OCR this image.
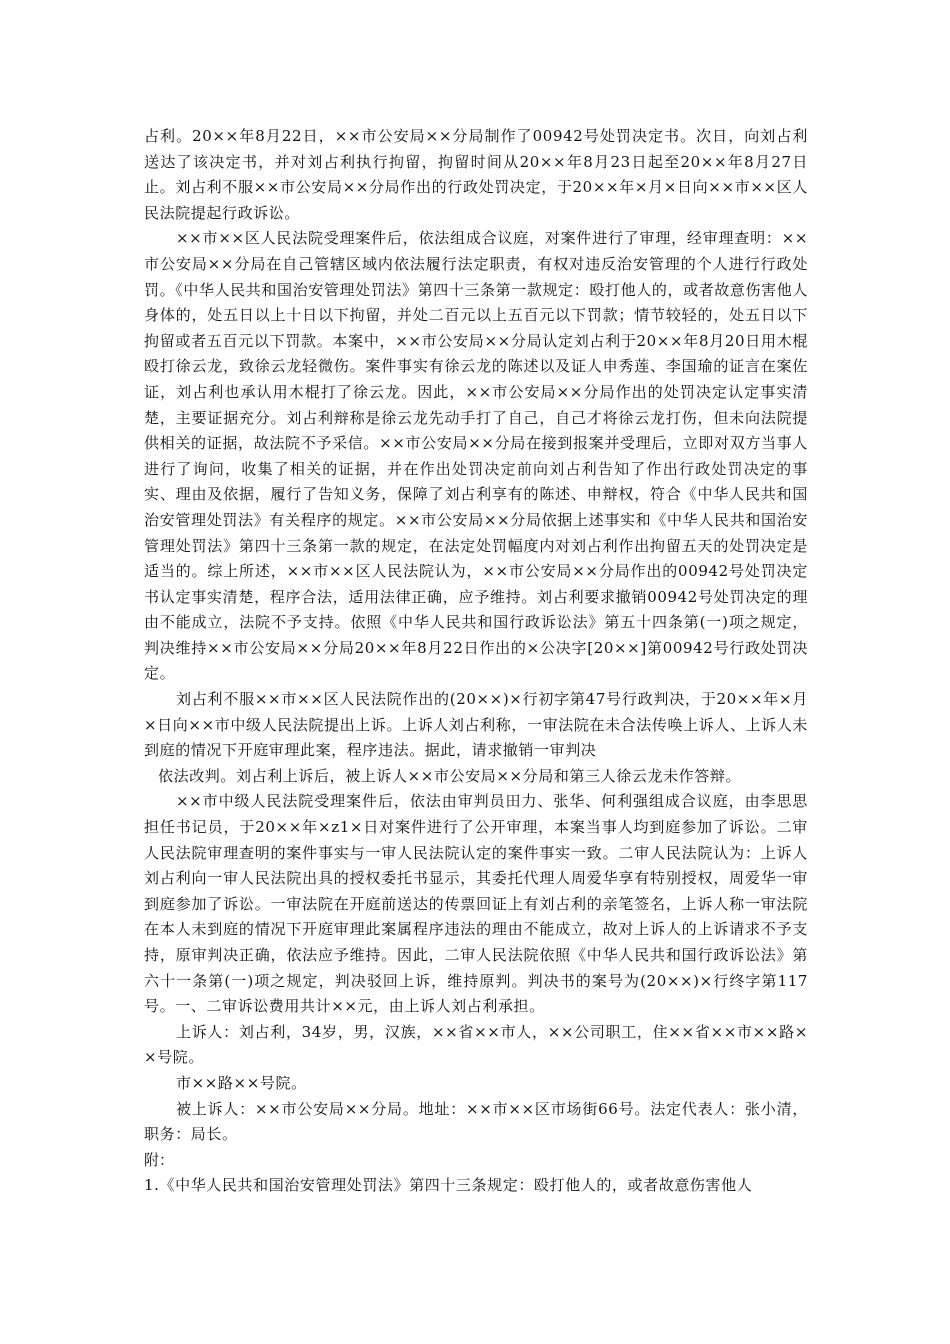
占利。20××年8月22日，××市公安局××分局制作了00942号处罚决定书。次日，向刘占利送达了该决定书，并对刘占利执行拘留，拘留时间从20××年8月23日起至20××年8月27日止。刘占利不服××市公安局××分局作出的行政处罚决定，于20××年×月×日向××市××区人民法院提起行政诉讼。

××市××区人民法院受理案件后，依法组成合议庭，对案件进行了审理，经审理查明：××市公安局××分局在自己管辖区域内依法履行法定职责，有权对违反治安管理的个人进行行政处罚。《中华人民共和国治安管理处罚法》第四十三条第一款规定：殴打他人的，或者故意伤害他人身体的，处五日以上十日以下拘留，并处二百元以上五百元以下罚款；情节较轻的，处五日以下拘留或者五百元以下罚款。本案中，××市公安局××分局认定刘占利于20××年8月20日用木棍殴打徐云龙，致徐云龙轻微伤。案件事实有徐云龙的陈述以及证人申秀莲、李国瑜的证言在案佐证，刘占利也承认用木棍打了徐云龙。因此，××市公安局××分局作出的处罚决定认定事实清楚，主要证据充分。刘占利辩称是徐云龙先动手打了自己，自己才将徐云龙打伤，但未向法院提供相关的证据，故法院不予采信。××市公安局××分局在接到报案并受理后，立即对双方当事人进行了询问，收集了相关的证据，并在作出处罚决定前向刘占利告知了作出行政处罚决定的事实、理由及依据，履行了告知义务，保障了刘占利享有的陈述、申辩权，符合《中华人民共和国治安管理处罚法》有关程序的规定。××市公安局××分局依据上述事实和《中华人民共和国治安管理处罚法》第四十三条第一款的规定，在法定处罚幅度内对刘占利作出拘留五天的处罚决定是适当的。综上所述，××市××区人民法院认为，××市公安局××分局作出的00942号处罚决定书认定事实清楚，程序合法，适用法律正确，应予维持。刘占利要求撤销00942号处罚决定的理由不能成立，法院不予支持。依照《中华人民共和国行政诉讼法》第五十四条第(一)项之规定，判决维持××市公安局××分局20××年8月22日作出的×公决字[20××]第00942号行政处罚决定。

刘占利不服××市××区人民法院作出的(20××)×行初字第47号行政判决，于20××年×月×日向××市中级人民法院提出上诉。上诉人刘占利称，一审法院在未合法传唤上诉人、上诉人未到庭的情况下开庭审理此案，程序违法。据此，请求撤销一审判决

依法改判。刘占利上诉后，被上诉人××市公安局××分局和第三人徐云龙未作答辩。

××市中级人民法院受理案件后，依法由审判员田力、张华、何利强组成合议庭，由李思思担任书记员，于20××年×z1×日对案件进行了公开审理，本案当事人均到庭参加了诉讼。二审人民法院审理查明的案件事实与一审人民法院认定的案件事实一致。二审人民法院认为：上诉人刘占利向一审人民法院出具的授权委托书显示，其委托代理人周爱华享有特别授权，周爱华一审到庭参加了诉讼。一审法院在开庭前送达的传票回证上有刘占利的亲笔签名，上诉人称一审法院在本人未到庭的情况下开庭审理此案属程序违法的理由不能成立，故对上诉人的上诉请求不予支持，原审判决正确，依法应予维持。因此，二审人民法院依照《中华人民共和国行政诉讼法》第六十一条第(一)项之规定，判决驳回上诉，维持原判。判决书的案号为(20××)×行终字第117号。一、二审诉讼费用共计××元，由上诉人刘占利承担。

上诉人：刘占利，34岁，男，汉族，××省××市人，××公司职工，住××省××市××路××号院。

市××路××号院。

被上诉人：××市公安局××分局。地址：××市××区市场街66号。法定代表人：张小清，职务：局长。

附：

1.《中华人民共和国治安管理处罚法》第四十三条规定：殴打他人的，或者故意伤害他人
